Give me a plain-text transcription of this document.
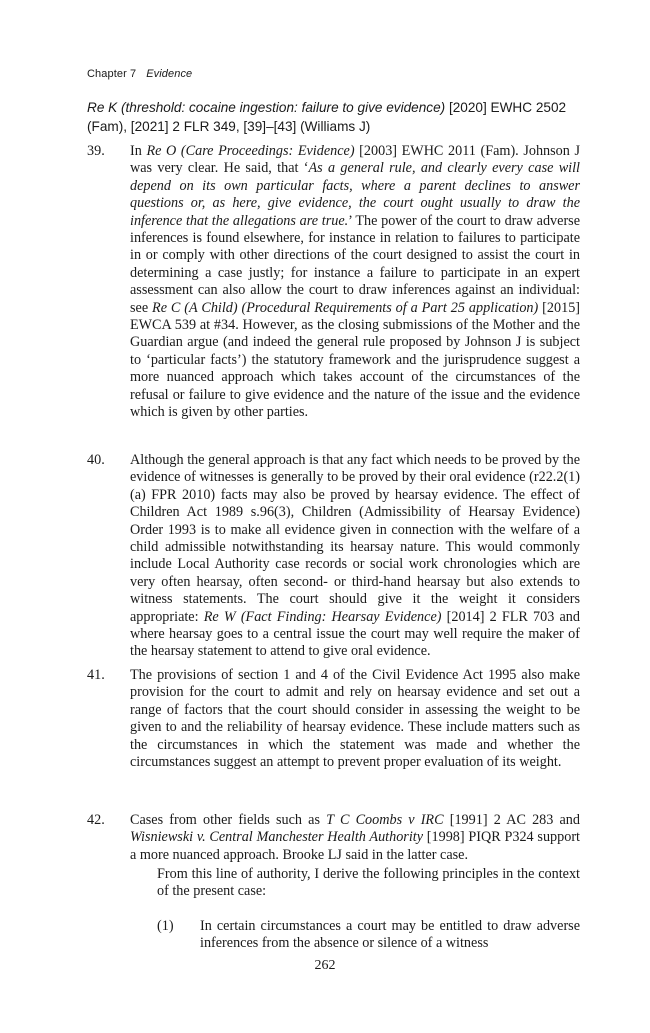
Chapter 7 Evidence
Re K (threshold: cocaine ingestion: failure to give evidence) [2020] EWHC 2502 (Fam), [2021] 2 FLR 349, [39]–[43] (Williams J)
39. In Re O (Care Proceedings: Evidence) [2003] EWHC 2011 (Fam). Johnson J was very clear. He said, that ‘As a general rule, and clearly every case will depend on its own particular facts, where a parent declines to answer questions or, as here, give evidence, the court ought usually to draw the inference that the allegations are true.’ The power of the court to draw adverse inferences is found elsewhere, for instance in relation to failures to participate in or comply with other directions of the court designed to assist the court in determining a case justly; for instance a failure to participate in an expert assessment can also allow the court to draw inferences against an individual: see Re C (A Child) (Procedural Requirements of a Part 25 application) [2015] EWCA 539 at #34. However, as the closing submissions of the Mother and the Guardian argue (and indeed the general rule proposed by Johnson J is subject to ‘particular facts’) the statutory framework and the jurisprudence suggest a more nuanced approach which takes account of the circumstances of the refusal or failure to give evidence and the nature of the issue and the evidence which is given by other parties.
40. Although the general approach is that any fact which needs to be proved by the evidence of witnesses is generally to be proved by their oral evidence (r22.2(1)(a) FPR 2010) facts may also be proved by hearsay evidence. The effect of Children Act 1989 s.96(3), Children (Admissibility of Hearsay Evidence) Order 1993 is to make all evidence given in connection with the welfare of a child admissible notwithstanding its hearsay nature. This would commonly include Local Authority case records or social work chronologies which are very often hearsay, often second- or third-hand hearsay but also extends to witness statements. The court should give it the weight it considers appropriate: Re W (Fact Finding: Hearsay Evidence) [2014] 2 FLR 703 and where hearsay goes to a central issue the court may well require the maker of the hearsay statement to attend to give oral evidence.
41. The provisions of section 1 and 4 of the Civil Evidence Act 1995 also make provision for the court to admit and rely on hearsay evidence and set out a range of factors that the court should consider in assessing the weight to be given to and the reliability of hearsay evidence. These include matters such as the circumstances in which the statement was made and whether the circumstances suggest an attempt to prevent proper evaluation of its weight.
42. Cases from other fields such as T C Coombs v IRC [1991] 2 AC 283 and Wisniewski v. Central Manchester Health Authority [1998] PIQR P324 support a more nuanced approach. Brooke LJ said in the latter case.
From this line of authority, I derive the following principles in the context of the present case:
(1) In certain circumstances a court may be entitled to draw adverse inferences from the absence or silence of a witness
262
